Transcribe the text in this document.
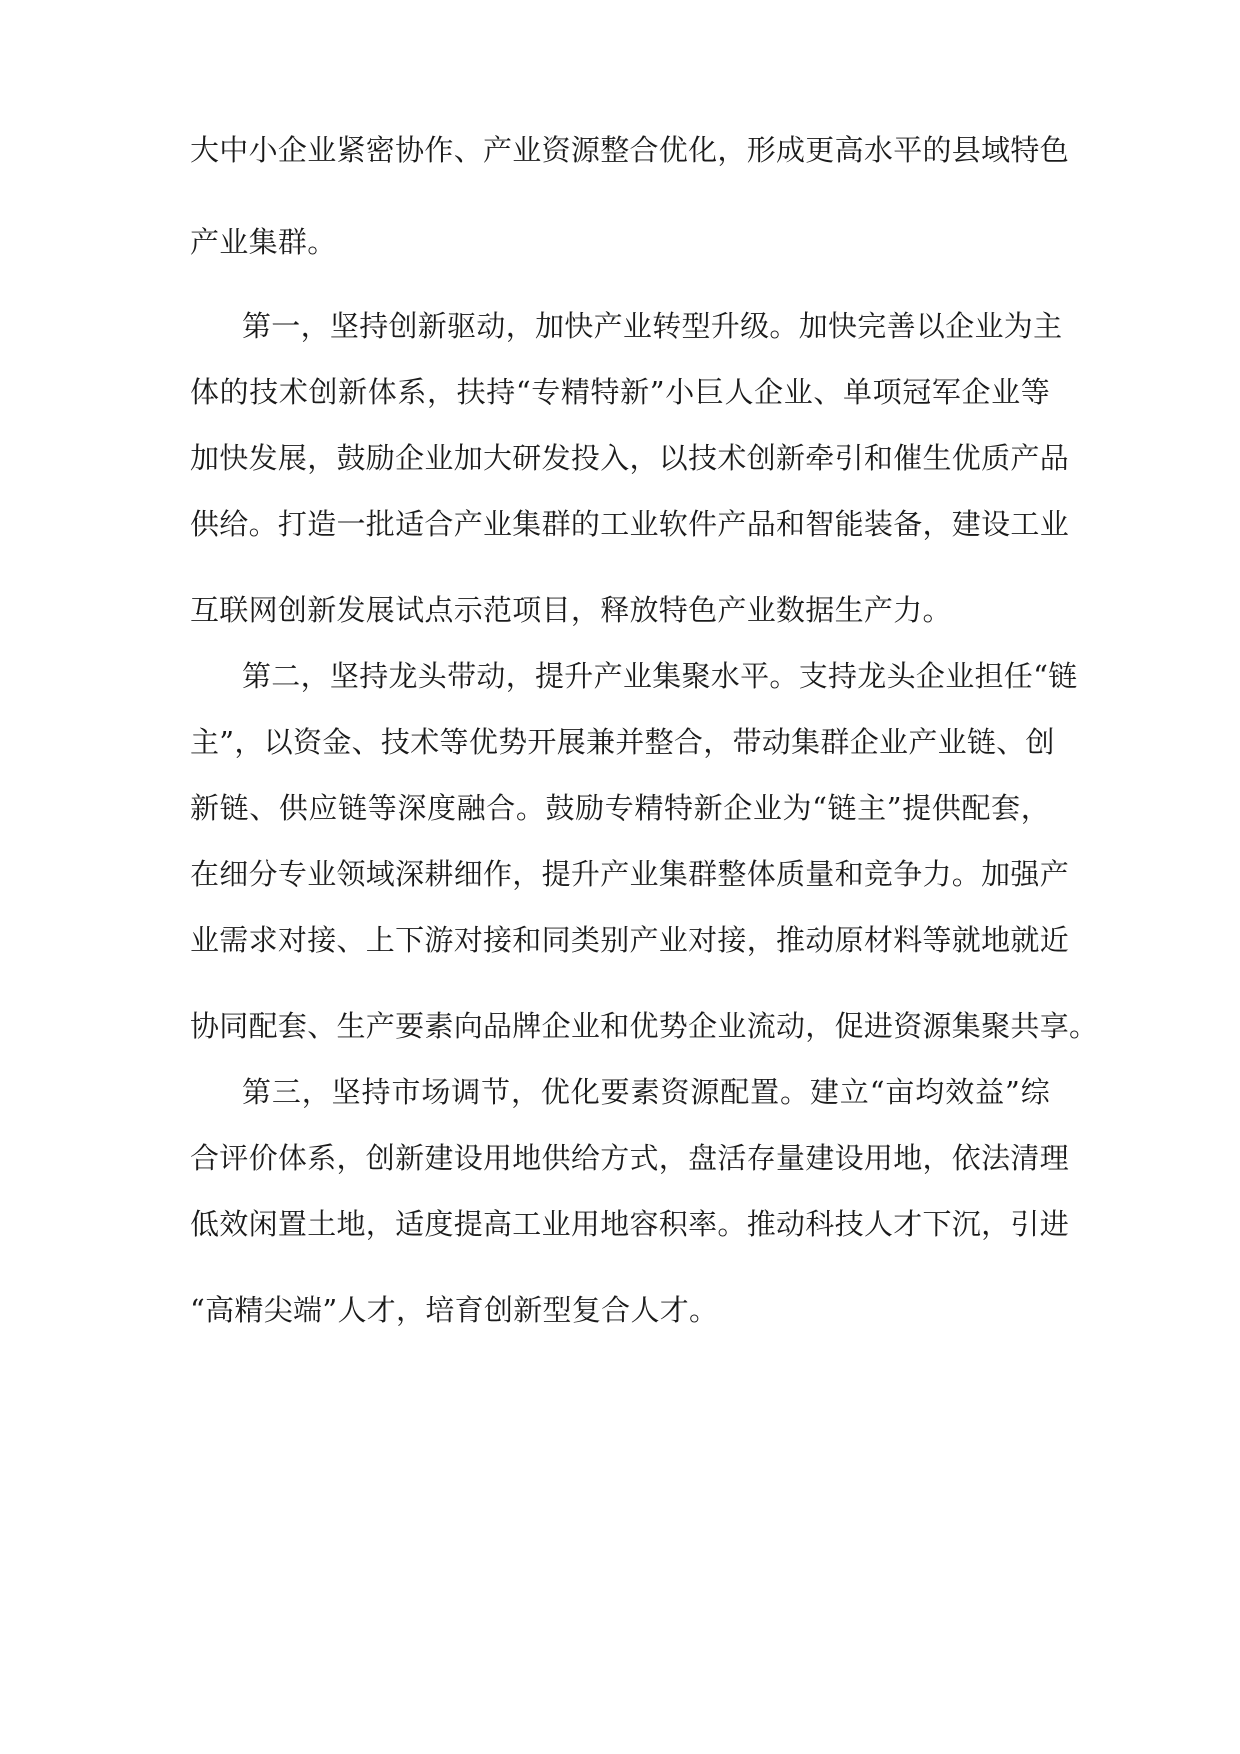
大中小企业紧密协作、产业资源整合优化，形成更高水平的县域特色
产业集群。
第一，坚持创新驱动，加快产业转型升级。加快完善以企业为主
体的技术创新体系，扶持“专精特新”小巨人企业、单项冠军企业等
加快发展，鼓励企业加大研发投入，以技术创新牵引和催生优质产品
供给。打造一批适合产业集群的工业软件产品和智能装备，建设工业
互联网创新发展试点示范项目，释放特色产业数据生产力。
第二，坚持龙头带动，提升产业集聚水平。支持龙头企业担任“链
主”，以资金、技术等优势开展兼并整合，带动集群企业产业链、创
新链、供应链等深度融合。鼓励专精特新企业为“链主”提供配套，
在细分专业领域深耕细作，提升产业集群整体质量和竞争力。加强产
业需求对接、上下游对接和同类别产业对接，推动原材料等就地就近
协同配套、生产要素向品牌企业和优势企业流动，促进资源集聚共享。
第三，坚持市场调节，优化要素资源配置。建立“亩均效益”综
合评价体系，创新建设用地供给方式，盘活存量建设用地，依法清理
低效闲置土地，适度提高工业用地容积率。推动科技人才下沉，引进
“高精尖端”人才，培育创新型复合人才。
